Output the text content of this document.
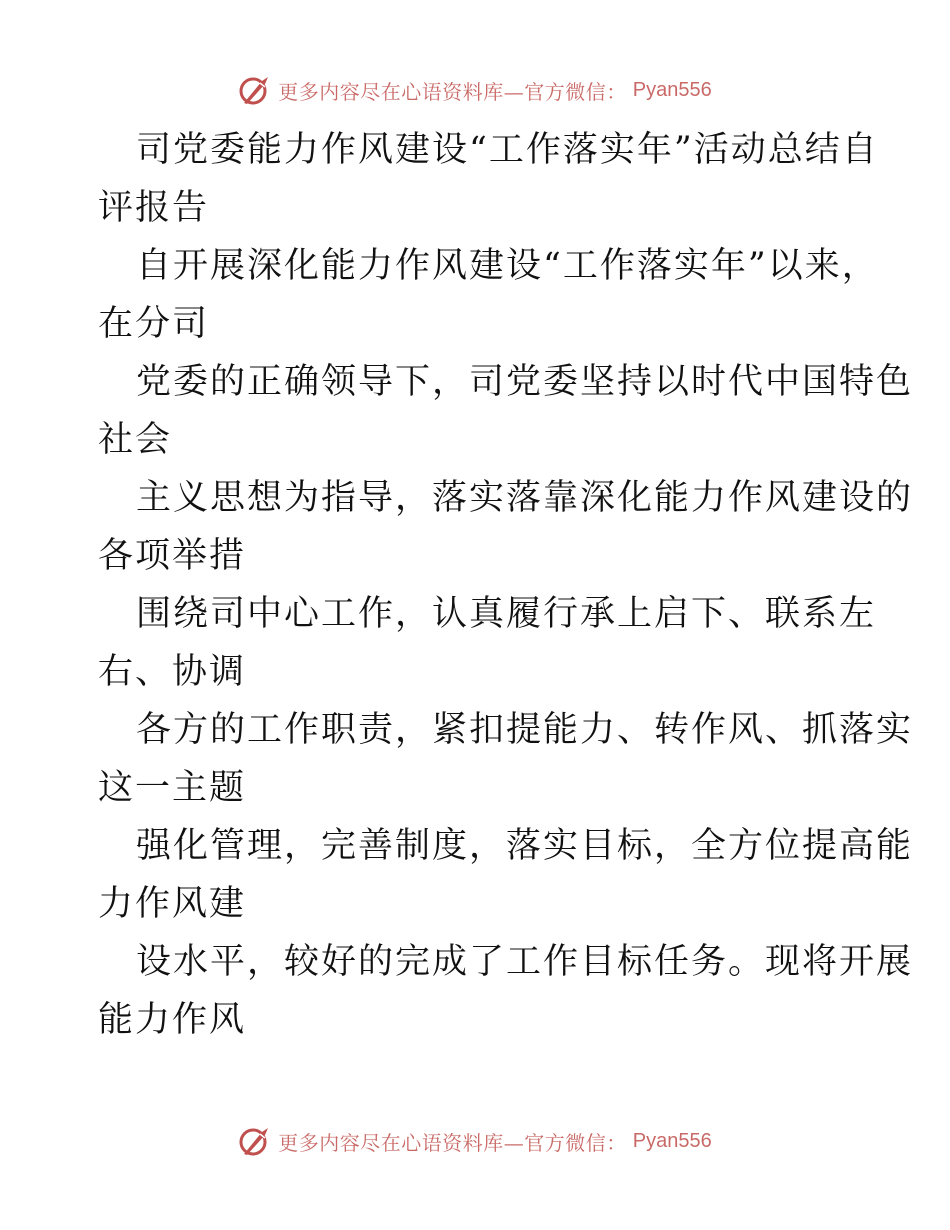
更多内容尽在心语资料库—官方微信： Pyan556
司党委能力作风建设“工作落实年”活动总结自
评报告
自开展深化能力作风建设“工作落实年”以来，
在分司
党委的正确领导下，司党委坚持以时代中国特色
社会
主义思想为指导，落实落靠深化能力作风建设的
各项举措
围绕司中心工作，认真履行承上启下、联系左
右、协调
各方的工作职责，紧扣提能力、转作风、抓落实
这一主题
强化管理，完善制度，落实目标，全方位提高能
力作风建
设水平，较好的完成了工作目标任务。现将开展
能力作风
更多内容尽在心语资料库—官方微信： Pyan556
